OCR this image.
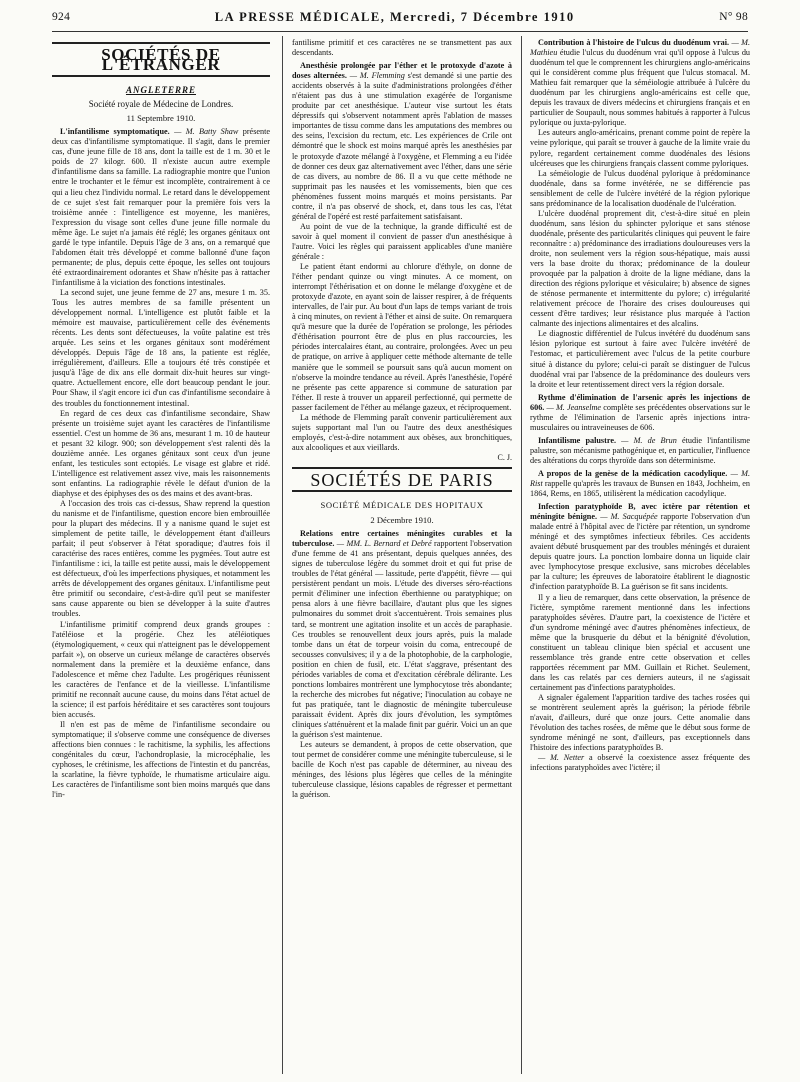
924	LA PRESSE MÉDICALE, Mercredi, 7 Décembre 1910	N° 98
SOCIÉTÉS DE L'ÉTRANGER
ANGLETERRE
Société royale de Médecine de Londres.
11 Septembre 1910.

L'infantilisme symptomatique. — M. Batty Shaw présente deux cas d'infantilisme symptomatique. Il s'agit, dans le premier cas, d'une jeune fille de 18 ans, dont la taille est de 1 m. 30 et le poids de 27 kilogr. 600. Il n'existe aucun autre exemple d'infantilisme dans sa famille. La radiographie montre que l'union entre le trochanter et le fémur est incomplète, contrairement à ce qui a lieu chez l'individu normal. Le retard dans le développement de ce sujet s'est fait remarquer pour la première fois vers la troisième année : l'intelligence est moyenne, les manières, l'expression du visage sont celles d'une jeune fille normale du même âge. Le sujet n'a jamais été réglé; les organes génitaux ont gardé le type infantile. Depuis l'âge de 3 ans, on a remarqué que l'abdomen était très développé et comme ballonné d'une façon permanente; de plus, depuis cette époque, les selles ont toujours été extraordinairement odorantes et Shaw n'hésite pas à rattacher l'infantilisme à la viciation des fonctions intestinales.

La second sujet, une jeune femme de 27 ans, mesure 1 m. 35. Tous les autres membres de sa famille présentent un développement normal. L'intelligence est plutôt faible et la mémoire est mauvaise, particulièrement celle des événements récents. Les dents sont défectueuses, la voûte palatine est très arquée. Les seins et les organes génitaux sont modérément développés. Depuis l'âge de 18 ans, la patiente est réglée, irrégulièrement, d'ailleurs. Elle a toujours été très constipée et jusqu'à l'âge de dix ans elle dormait dix-huit heures sur vingt-quatre. Actuellement encore, elle dort beaucoup pendant le jour. Pour Shaw, il s'agit encore ici d'un cas d'infantilisme secondaire à des troubles du fonctionnement intestinal.

En regard de ces deux cas d'infantilisme secondaire, Shaw présente un troisième sujet ayant les caractères de l'infantilisme essentiel. C'est un homme de 36 ans, mesurant 1 m. 10 de hauteur et pesant 32 kilogr. 900; son développement s'est ralenti dès la douzième année. Les organes génitaux sont ceux d'un jeune enfant, les testicules sont ectopiés. Le visage est glabre et ridé. L'intelligence est relativement assez vive, mais les raisonnements sont enfantins. La radiographie révèle le défaut d'union de la diaphyse et des épiphyses des os des mains et des avant-bras.

A l'occasion des trois cas ci-dessus, Shaw reprend la question du nanisme et de l'infantilisme, question encore bien embrouillée pour la plupart des médecins. Il y a nanisme quand le sujet est simplement de petite taille, le développement étant d'ailleurs parfait; il peut s'observer à l'état sporadique; d'autres fois il caractérise des races entières, comme les pygmées. Tout autre est l'infantilisme : ici, la taille est petite aussi, mais le développement est défectueux, d'où les imperfections physiques, et notamment les arrêts de développement des organes génitaux. L'infantilisme peut être primitif ou secondaire, c'est-à-dire qu'il peut se manifester sans cause apparente ou bien se développer à la suite d'autres troubles.

L'infantilisme primitif comprend deux grands groupes : l'atéléiose et la progérie. Chez les atéléiotiques (étymologiquement, « ceux qui n'atteignent pas le développement parfait »), on observe un curieux mélange de caractères observés normalement dans la première et la deuxième enfance, dans l'adolescence et même chez l'adulte. Les progériques réunissent les caractères de l'enfance et de la vieillesse. L'infantilisme primitif ne reconnaît aucune cause, du moins dans l'état actuel de la science; il est parfois héréditaire et ses caractères sont toujours bien accusés.

Il n'en est pas de même de l'infantilisme secondaire ou symptomatique; il s'observe comme une conséquence de diverses affections bien connues : le rachitisme, la syphilis, les affections congénitales du cœur, l'achondroplasie, la microcéphalie, les cyphoses, le crétinisme, les affections de l'intestin et du pancréas, la scarlatine, la fièvre typhoïde, le rhumatisme articulaire aigu. Les caractères de l'infantilisme sont bien moins marqués que dans l'in-

fantilisme primitif et ces caractères ne se transmettent pas aux descendants.

Anesthésie prolongée par l'éther et le protoxyde d'azote à doses alternées. — M. Flemming s'est demandé si une partie des accidents observés à la suite d'administrations prolongées d'éther n'étaient pas dus à une stimulation exagérée de l'organisme produite par cet anesthésique. L'auteur vise surtout les états dépressifs qui s'observent notamment après l'ablation de masses importantes de tissu comme dans les amputations des membres ou des seins, l'excision du rectum, etc. Les expériences de Crile ont démontré que le shock est moins marqué après les anesthésies par le protoxyde d'azote mélangé à l'oxygène, et Flemming a eu l'idée de donner ces deux gaz alternativement avec l'éther, dans une série de cas divers, au nombre de 86. Il a vu que cette méthode ne supprimait pas les nausées et les vomissements, bien que ces phénomènes fussent moins marqués et moins persistants. Par contre, il n'a pas observé de shock, et, dans tous les cas, l'état général de l'opéré est resté parfaitement satisfaisant.

Au point de vue de la technique, la grande difficulté est de savoir à quel moment il convient de passer d'un anesthésique à l'autre. Voici les règles qui paraissent applicables d'une manière générale :

Le patient étant endormi au chlorure d'éthyle, on donne de l'éther pendant quinze ou vingt minutes. A ce moment, on interrompt l'éthérisation et on donne le mélange d'oxygène et de protoxyde d'azote, en ayant soin de laisser respirer, à de fréquents intervalles, de l'air pur. Au bout d'un laps de temps variant de trois à cinq minutes, on revient à l'éther et ainsi de suite. On remarquera qu'à mesure que la durée de l'opération se prolonge, les périodes d'éthérisation pourront être de plus en plus raccourcies, les périodes intercalaires étant, au contraire, prolongées. Avec un peu de pratique, on arrive à appliquer cette méthode alternante de telle manière que le sommeil se poursuit sans qu'à aucun moment on n'observe la moindre tendance au réveil. Après l'anesthésie, l'opéré ne présente pas cette apparence si commune de saturation par l'éther. Il reste à trouver un appareil perfectionné, qui permette de passer facilement de l'éther au mélange gazeux, et réciproquement.

La méthode de Flemming paraît convenir particulièrement aux sujets supportant mal l'un ou l'autre des deux anesthésiques employés, c'est-à-dire notamment aux obèses, aux bronchitiques, aux alcooliques et aux vieillards.

C. J.
SOCIÉTÉS DE PARIS
SOCIÉTÉ MÉDICALE DES HOPITAUX
2 Décembre 1910.

Relations entre certaines méningites curables et la tuberculose. — MM. L. Bernard et Debré rapportent l'observation d'une femme de 41 ans présentant, depuis quelques années, des signes de tuberculose légère du sommet droit et qui fut prise de troubles de l'état général — lassitude, perte d'appétit, fièvre — qui persistèrent pendant un mois. L'étude des diverses séro-réactions permit d'éliminer une infection éberthienne ou paratyphique; on pensa alors à une fièvre bacillaire, d'autant plus que les signes pulmonaires du sommet droit s'accentuèrent. Trois semaines plus tard, se montrent une agitation insolite et un accès de paraphasie. Ces troubles se renouvellent deux jours après, puis la malade tombe dans un état de torpeur voisin du coma, entrecoupé de secousses convulsives; il y a de la photophobie, de la carphologie, position en chien de fusil, etc. L'état s'aggrave, présentant des périodes variables de coma et d'excitation cérébrale délirante. Les ponctions lombaires montrèrent une lymphocytose très abondante; la recherche des microbes fut négative; l'inoculation au cobaye ne fut pas pratiquée, tant le diagnostic de méningite tuberculeuse paraissait évident. Après dix jours d'évolution, les symptômes cliniques s'atténuèrent et la malade finit par guérir. Voici un an que la guérison s'est maintenue.

Les auteurs se demandent, à propos de cette observation, que tout permet de considérer comme une méningite tuberculeuse, si le bacille de Koch n'est pas capable de déterminer, au niveau des méninges, des lésions plus légères que celles de la méningite tuberculeuse classique, lésions capables de régresser et permettant la guérison.

Contribution à l'histoire de l'ulcus du duodénum vrai. — M. Mathieu étudie l'ulcus du duodénum vrai qu'il oppose à l'ulcus du duodénum tel que le comprennent les chirurgiens anglo-américains qui le considèrent comme plus fréquent que l'ulcus stomacal. M. Mathieu fait remarquer que la séméiologie attribuée à l'ulcère du duodénum par les chirurgiens anglo-américains est celle que, depuis les travaux de divers médecins et chirurgiens français et en particulier de Soupault, nous sommes habitués à rapporter à l'ulcus pylorique ou juxta-pylorique.

Les auteurs anglo-américains, prenant comme point de repère la veine pylorique, qui paraît se trouver à gauche de la limite vraie du pylore, regardent certainement comme duodénales des lésions ulcéreuses que les chirurgiens français classent comme pyloriques.

La séméiologie de l'ulcus duodénal pylorique à prédominance duodénale, dans sa forme invétérée, ne se différencie pas sensiblement de celle de l'ulcère invétéré de la région pylorique sans prédominance de la localisation duodénale de l'ulcération.

L'ulcère duodénal proprement dit, c'est-à-dire situé en plein duodénum, sans lésion du sphincter pylorique et sans sténose duodénale, présente des particularités cliniques qui peuvent le faire reconnaître : a) prédominance des irradiations douloureuses vers la droite, non seulement vers la région sous-hépatique, mais aussi vers la base droite du thorax; prédominance de la douleur provoquée par la palpation à droite de la ligne médiane, dans la direction des régions pylorique et vésiculaire; b) absence de signes de sténose permanente et intermittente du pylore; c) irrégularité relativement précoce de l'horaire des crises douloureuses qui cessent d'être tardives; leur résistance plus marquée à l'action calmante des injections alimentaires et des alcalins.

Le diagnostic différentiel de l'ulcus invétéré du duodénum sans lésion pylorique est surtout à faire avec l'ulcère invétéré de l'estomac, et particulièrement avec l'ulcus de la petite courbure situé à distance du pylore; celui-ci paraît se distinguer de l'ulcus duodénal vrai par l'absence de la prédominance des douleurs vers la droite et leur retentissement direct vers la région dorsale.

Rythme d'élimination de l'arsenic après les injections de 606. — M. Jeanselme complète ses précédentes observations sur le rythme de l'élimination de l'arsenic après injections intra-musculaires ou intraveineuses de 606.

Infantilisme palustre. — M. de Brun étudie l'infantilisme palustre, son mécanisme pathogénique et, en particulier, l'influence des altérations du corps thyroïde dans son déterminisme.

A propos de la genèse de la médication cacodylique. — M. Rist rappelle qu'après les travaux de Bunsen en 1843, Jochheim, en 1864, Rems, en 1865, utilisèrent la médication cacodylique.

Infection paratyphoïde B, avec ictère par rétention et méningite bénigne. — M. Sacquépée rapporte l'observation d'un malade entré à l'hôpital avec de l'ictère par rétention, un syndrome méningé et des symptômes infectieux fébriles. Ces accidents avaient débuté brusquement par des troubles méningés et duraient depuis quatre jours. La ponction lombaire donna un liquide clair avec lymphocytose presque exclusive, sans microbes décelables par la culture; les épreuves de laboratoire établirent le diagnostic d'infection paratyphoïde B. La guérison se fit sans incidents.

Il y a lieu de remarquer, dans cette observation, la présence de l'ictère, symptôme rarement mentionné dans les infections paratyphoïdes sévères. D'autre part, la coexistence de l'ictère et d'un syndrome méningé avec d'autres phénomènes infectieux, de même que la brusquerie du début et la bénignité d'évolution, constituent un tableau clinique bien spécial et accusent une ressemblance très grande entre cette observation et celles rapportées récemment par MM. Guillain et Richet. Seulement, dans les cas relatés par ces derniers auteurs, il ne s'agissait certainement pas d'infections paratyphoïdes.

A signaler également l'apparition tardive des taches rosées qui se montrèrent seulement après la guérison; la période fébrile n'avait, d'ailleurs, duré que onze jours. Cette anomalie dans l'évolution des taches rosées, de même que le début sous forme de syndrome méningé ne sont, d'ailleurs, pas exceptionnels dans l'histoire des infections paratyphoïdes B.

— M. Netter a observé la coexistence assez fréquente des infections paratyphoïdes avec l'ictère; il
